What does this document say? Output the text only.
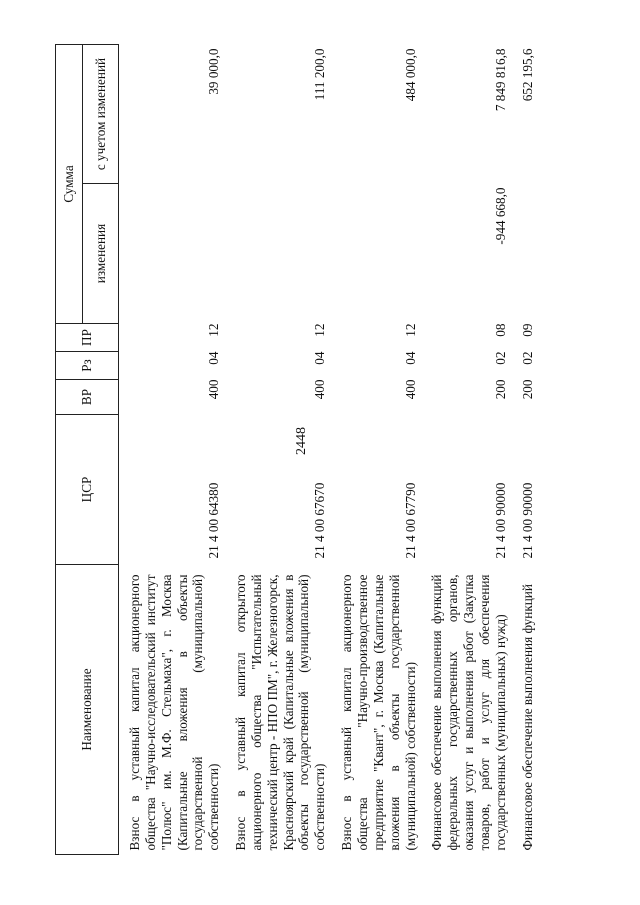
2448
Наименование	ЦСР	ВР	Рз	ПР	Сумма	
					изменения	с учетом изменений
Взнос в уставный капитал акционерного общества "Научно-исследовательский институт "Полюс" им. М.Ф. Стельмаха", г. Москва (Капитальные вложения в объекты государственной (муниципальной) собственности)	21 4 00 64380	400	04	12		39 000,0
Взнос в уставный капитал открытого акционерного общества "Испытательный технический центр - НПО ПМ", г. Железногорск, Красноярский край (Капитальные вложения в объекты государственной (муниципальной) собственности)	21 4 00 67670	400	04	12		111 200,0
Взнос в уставный капитал акционерного общества "Научно-производственное предприятие "Квант", г. Москва (Капитальные вложения в объекты государственной (муниципальной) собственности)	21 4 00 67790	400	04	12		484 000,0
Финансовое обеспечение выполнения функций федеральных государственных органов, оказания услуг и выполнения работ (Закупка товаров, работ и услуг для обеспечения государственных (муниципальных) нужд)	21 4 00 90000	200	02	08	-944 668,0	7 849 816,8
Финансовое обеспечение выполнения функций	21 4 00 90000	200	02	09		652 195,6
